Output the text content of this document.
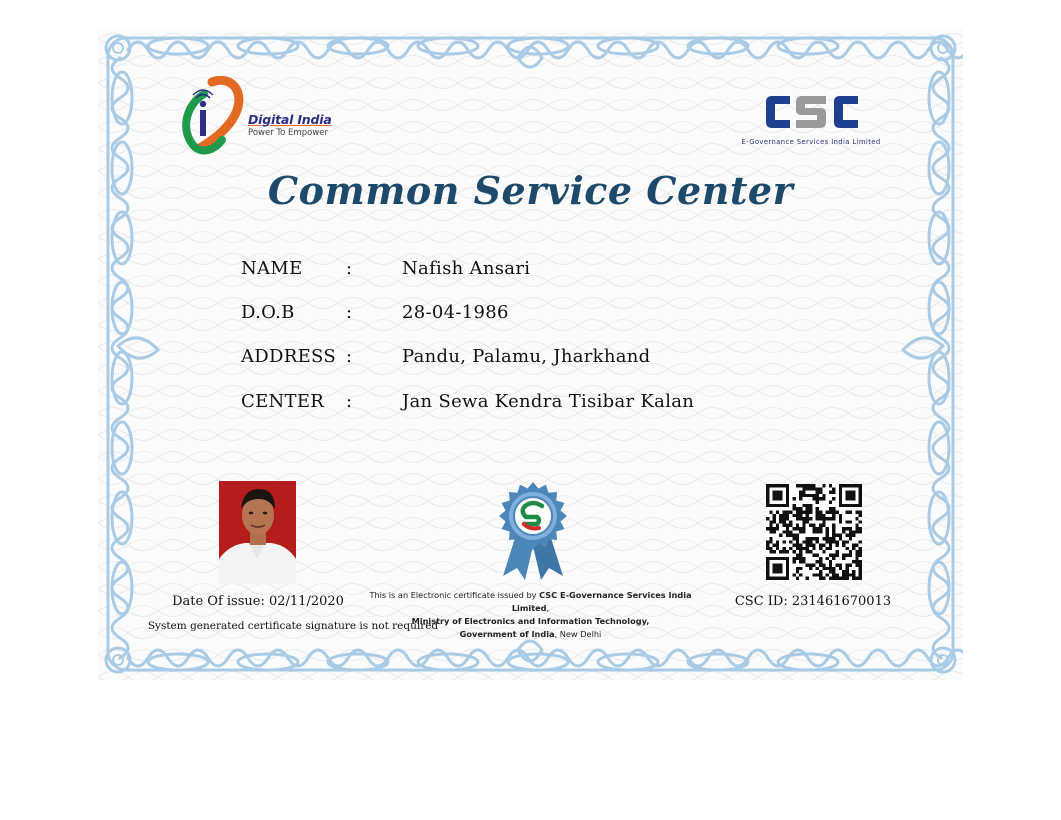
Digital India
Power To Empower
E-Governance Services India Limited
Common Service Center
NAME :	Nafish Ansari
D.O.B	:	28-04-1986
ADDRESS :	Pandu, Palamu, Jharkhand
CENTER :	Jan Sewa Kendra Tisibar Kalan
Date Of issue: 02/11/2020
System generated certificate signature is not required
This is an Electronic certificate issued by CSC E-Governance Services India Limited,
Ministry of Electronics and Information Technology,
Government of India, New Delhi
CSC ID: 231461670013
